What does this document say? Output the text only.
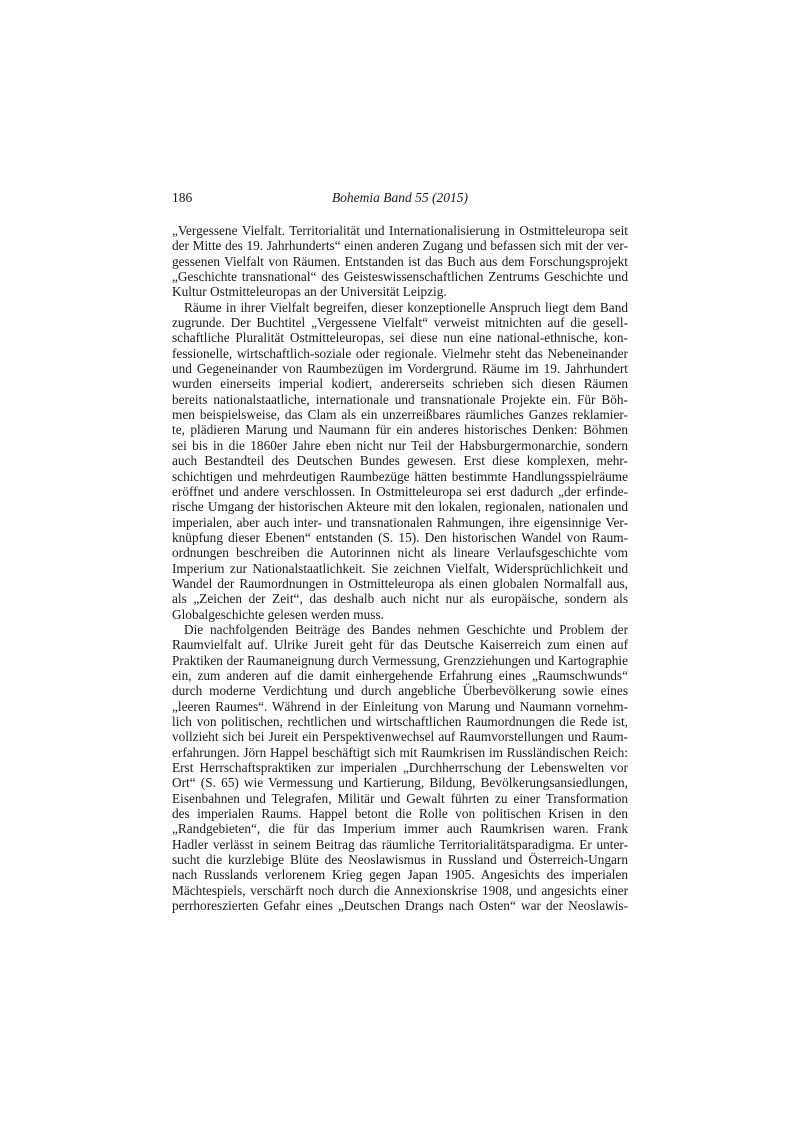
186	Bohemia Band 55 (2015)
„Vergessene Vielfalt. Territorialität und Internationalisierung in Ostmitteleuropa seit
der Mitte des 19. Jahrhunderts“ einen anderen Zugang und befassen sich mit der ver-
gessenen Vielfalt von Räumen. Entstanden ist das Buch aus dem Forschungsprojekt
„Geschichte transnational“ des Geisteswissenschaftlichen Zentrums Geschichte und
Kultur Ostmitteleuropas an der Universität Leipzig.
Räume in ihrer Vielfalt begreifen, dieser konzeptionelle Anspruch liegt dem Band
zugrunde. Der Buchtitel „Vergessene Vielfalt“ verweist mitnichten auf die gesell-
schaftliche Pluralität Ostmitteleuropas, sei diese nun eine national-ethnische, kon-
fessionelle, wirtschaftlich-soziale oder regionale. Vielmehr steht das Nebeneinander
und Gegeneinander von Raumbezügen im Vordergrund. Räume im 19. Jahrhundert
wurden einerseits imperial kodiert, andererseits schrieben sich diesen Räumen
bereits nationalstaatliche, internationale und transnationale Projekte ein. Für Böh-
men beispielsweise, das Clam als ein unzerreißbares räumliches Ganzes reklamier-
te, plädieren Marung und Naumann für ein anderes historisches Denken: Böhmen
sei bis in die 1860er Jahre eben nicht nur Teil der Habsburgermonarchie, sondern
auch Bestandteil des Deutschen Bundes gewesen. Erst diese komplexen, mehr-
schichtigen und mehrdeutigen Raumbezüge hätten bestimmte Handlungsspielräume
eröffnet und andere verschlossen. In Ostmitteleuropa sei erst dadurch „der erfinde-
rische Umgang der historischen Akteure mit den lokalen, regionalen, nationalen und
imperialen, aber auch inter- und transnationalen Rahmungen, ihre eigensinnige Ver-
knüpfung dieser Ebenen“ entstanden (S. 15). Den historischen Wandel von Raum-
ordnungen beschreiben die Autorinnen nicht als lineare Verlaufsgeschichte vom
Imperium zur Nationalstaatlichkeit. Sie zeichnen Vielfalt, Widersprüchlichkeit und
Wandel der Raumordnungen in Ostmitteleuropa als einen globalen Normalfall aus,
als „Zeichen der Zeit“, das deshalb auch nicht nur als europäische, sondern als
Globalgeschichte gelesen werden muss.
Die nachfolgenden Beiträge des Bandes nehmen Geschichte und Problem der
Raumvielfalt auf. Ulrike Jureit geht für das Deutsche Kaiserreich zum einen auf
Praktiken der Raumaneignung durch Vermessung, Grenzziehungen und Kartographie
ein, zum anderen auf die damit einhergehende Erfahrung eines „Raumschwunds“
durch moderne Verdichtung und durch angebliche Überbevölkerung sowie eines
„leeren Raumes“. Während in der Einleitung von Marung und Naumann vornehm-
lich von politischen, rechtlichen und wirtschaftlichen Raumordnungen die Rede ist,
vollzieht sich bei Jureit ein Perspektivenwechsel auf Raumvorstellungen und Raum-
erfahrungen. Jörn Happel beschäftigt sich mit Raumkrisen im Russländischen Reich:
Erst Herrschaftspraktiken zur imperialen „Durchherrschung der Lebenswelten vor
Ort“ (S. 65) wie Vermessung und Kartierung, Bildung, Bevölkerungsansiedlungen,
Eisenbahnen und Telegrafen, Militär und Gewalt führten zu einer Transformation
des imperialen Raums. Happel betont die Rolle von politischen Krisen in den
„Randgebieten“, die für das Imperium immer auch Raumkrisen waren. Frank
Hadler verlässt in seinem Beitrag das räumliche Territorialitätsparadigma. Er unter-
sucht die kurzlebige Blüte des Neoslawismus in Russland und Österreich-Ungarn
nach Russlands verlorenem Krieg gegen Japan 1905. Angesichts des imperialen
Mächtespiels, verschärft noch durch die Annexionskrise 1908, und angesichts einer
perrhoreszierten Gefahr eines „Deutschen Drangs nach Osten“ war der Neoslawis-
